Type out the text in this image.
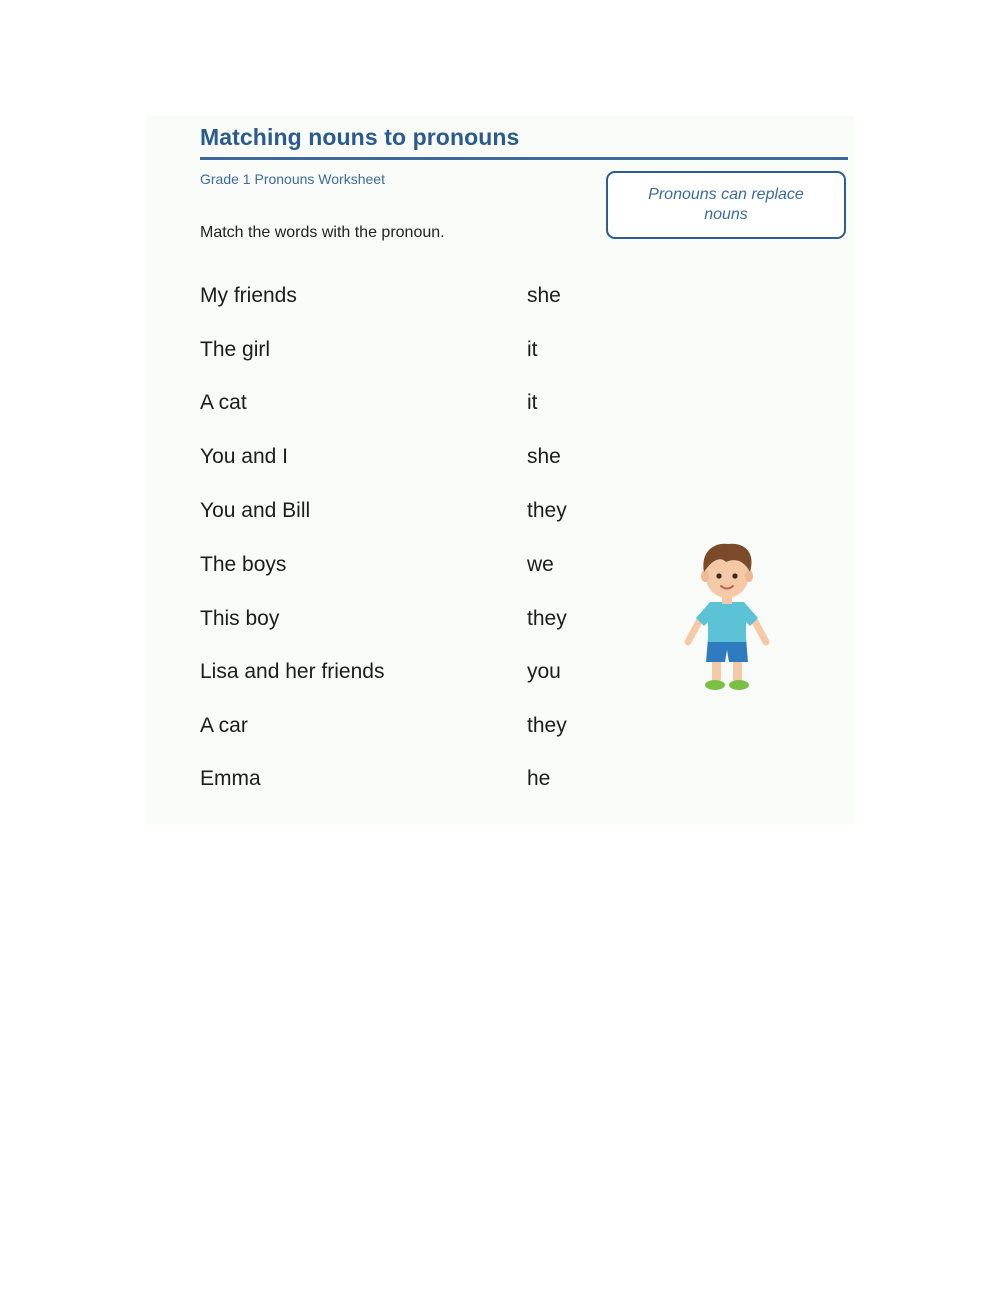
Matching nouns to pronouns
Grade 1 Pronouns Worksheet
Pronouns can replace nouns
Match the words with the pronoun.
My friends	she
The girl	it
A cat	it
You and I	she
You and Bill	they
The boys	we
This boy	they
Lisa and her friends	you
A car	they
Emma	he
